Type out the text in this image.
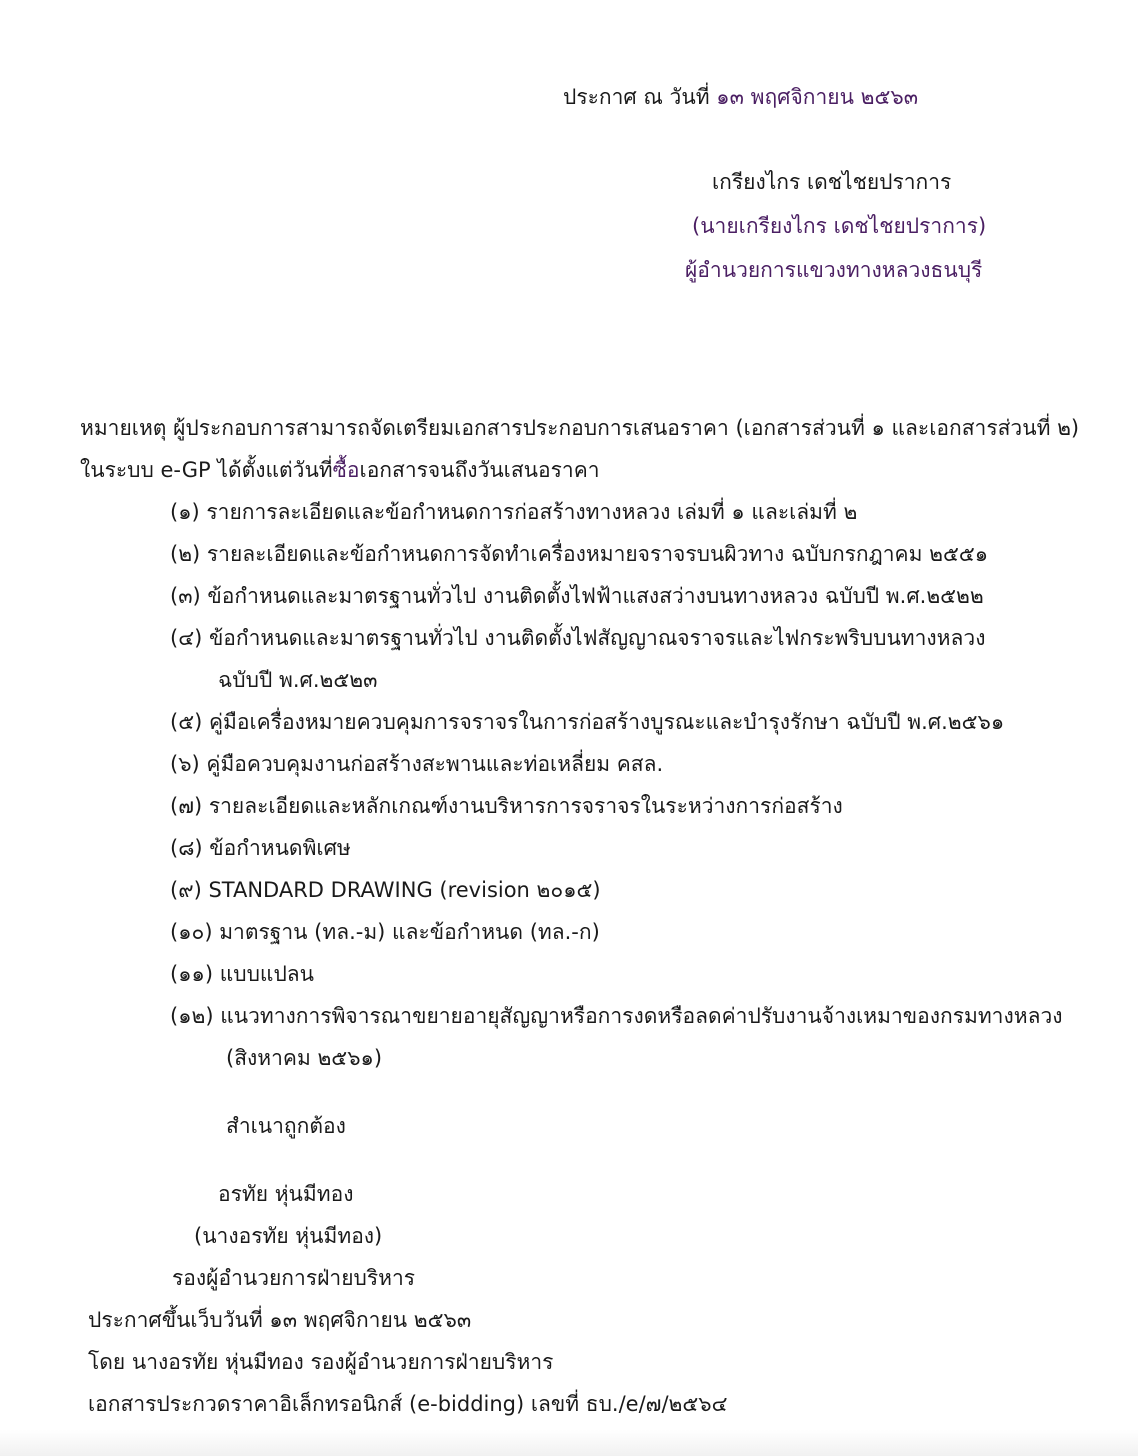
ประกาศ ณ วันที่ ๑๓ พฤศจิกายน ๒๕๖๓
เกรียงไกร เดชไชยปราการ
(นายเกรียงไกร เดชไชยปราการ)
ผู้อำนวยการแขวงทางหลวงธนบุรี
หมายเหตุ ผู้ประกอบการสามารถจัดเตรียมเอกสารประกอบการเสนอราคา (เอกสารส่วนที่ ๑ และเอกสารส่วนที่ ๒)
ในระบบ e-GP ได้ตั้งแต่วันที่ซื้อเอกสารจนถึงวันเสนอราคา
(๑) รายการละเอียดและข้อกำหนดการก่อสร้างทางหลวง เล่มที่ ๑ และเล่มที่ ๒
(๒) รายละเอียดและข้อกำหนดการจัดทำเครื่องหมายจราจรบนผิวทาง ฉบับกรกฎาคม ๒๕๕๑
(๓) ข้อกำหนดและมาตรฐานทั่วไป งานติดตั้งไฟฟ้าแสงสว่างบนทางหลวง ฉบับปี พ.ศ.๒๕๒๒
(๔) ข้อกำหนดและมาตรฐานทั่วไป งานติดตั้งไฟสัญญาณจราจรและไฟกระพริบบนทางหลวง
ฉบับปี พ.ศ.๒๕๒๓
(๕) คู่มือเครื่องหมายควบคุมการจราจรในการก่อสร้างบูรณะและบำรุงรักษา ฉบับปี พ.ศ.๒๕๖๑
(๖) คู่มือควบคุมงานก่อสร้างสะพานและท่อเหลี่ยม คสล.
(๗) รายละเอียดและหลักเกณฑ์งานบริหารการจราจรในระหว่างการก่อสร้าง
(๘) ข้อกำหนดพิเศษ
(๙) STANDARD DRAWING (revision ๒๐๑๕)
(๑๐) มาตรฐาน (ทล.-ม) และข้อกำหนด (ทล.-ก)
(๑๑) แบบแปลน
(๑๒) แนวทางการพิจารณาขยายอายุสัญญาหรือการงดหรือลดค่าปรับงานจ้างเหมาของกรมทางหลวง
(สิงหาคม ๒๕๖๑)
สำเนาถูกต้อง
อรทัย หุ่นมีทอง
(นางอรทัย หุ่นมีทอง)
รองผู้อำนวยการฝ่ายบริหาร
ประกาศขึ้นเว็บวันที่ ๑๓ พฤศจิกายน ๒๕๖๓
โดย นางอรทัย หุ่นมีทอง รองผู้อำนวยการฝ่ายบริหาร
เอกสารประกวดราคาอิเล็กทรอนิกส์ (e-bidding) เลขที่ ธบ./e/๗/๒๕๖๔
